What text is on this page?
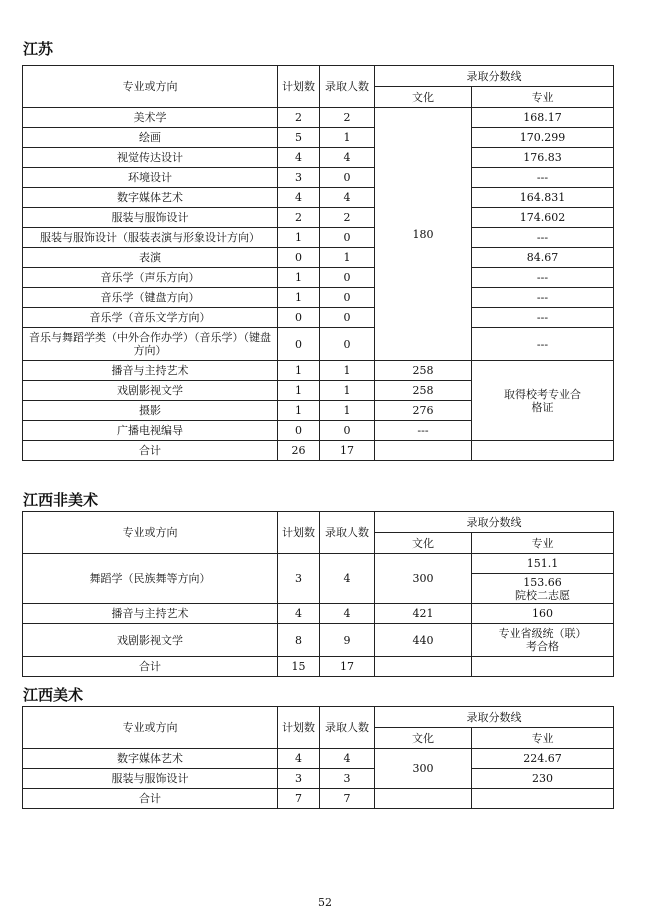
江苏
专业或方向	计划数	录取人数	录取分数线	
			文化	专业
美术学	2	2	180	168.17
绘画	5	1		170.299
视觉传达设计	4	4		176.83
环境设计	3	0		---
数字媒体艺术	4	4		164.831
服装与服饰设计	2	2		174.602
服装与服饰设计（服装表演与形象设计方向）	1	0		---
表演	0	1		84.67
音乐学（声乐方向）	1	0		---
音乐学（键盘方向）	1	0		---
音乐学（音乐文学方向）	0	0		---
音乐与舞蹈学类（中外合作办学）（音乐学）（键盘方向）	0	0		---
播音与主持艺术	1	1	258	取得校考专业合格证
戏剧影视文学	1	1	258	
摄影	1	1	276	
广播电视编导	0	0	---	
合计	26	17		
江西非美术
专业或方向	计划数	录取人数	录取分数线	
			文化	专业
舞蹈学（民族舞等方向）	3	4	300	151.1

				153.66
院校二志愿

播音与主持艺术	4	4	421	160
戏剧影视文学	8	9	440	专业省级统（联）考合格
合计	15	17		
江西美术
专业或方向	计划数	录取人数	录取分数线	
			文化	专业
数字媒体艺术	4	4	300	224.67
服装与服饰设计	3	3		230
合计	7	7		
52
